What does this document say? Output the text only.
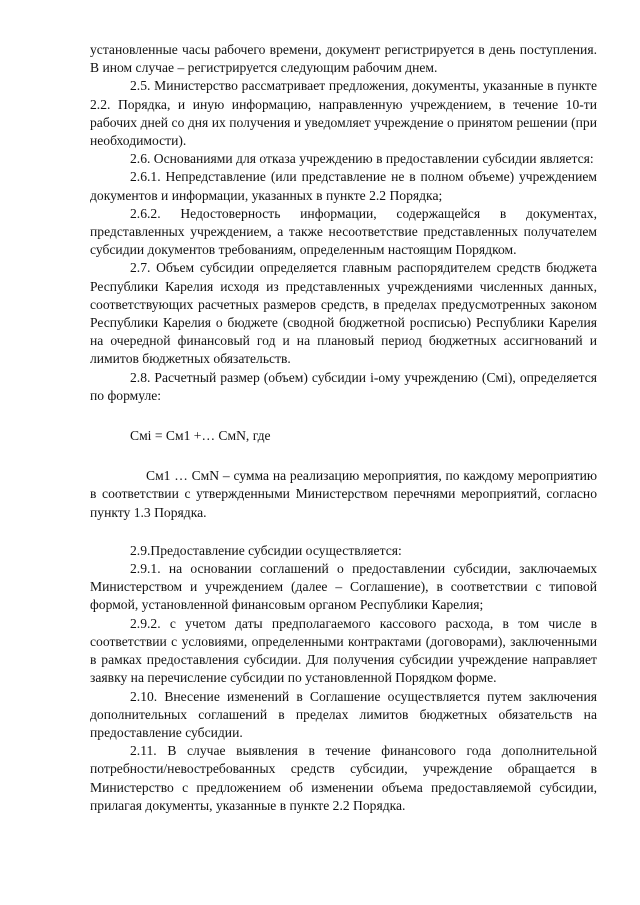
установленные часы рабочего времени, документ регистрируется в день поступления. В ином случае – регистрируется следующим рабочим днем.

2.5. Министерство рассматривает предложения, документы, указанные в пункте 2.2. Порядка, и иную информацию, направленную учреждением, в течение 10-ти рабочих дней со дня их получения и уведомляет учреждение о принятом решении (при необходимости).

2.6. Основаниями для отказа учреждению в предоставлении субсидии является:

2.6.1. Непредставление (или представление не в полном объеме) учреждением документов и информации, указанных в пункте 2.2 Порядка;

2.6.2. Недостоверность информации, содержащейся в документах, представленных учреждением, а также несоответствие представленных получателем субсидии документов требованиям, определенным настоящим Порядком.

2.7. Объем субсидии определяется главным распорядителем средств бюджета Республики Карелия исходя из представленных учреждениями численных данных, соответствующих расчетных размеров средств, в пределах предусмотренных законом Республики Карелия о бюджете (сводной бюджетной росписью) Республики Карелия на очередной финансовый год и на плановый период бюджетных ассигнований и лимитов бюджетных обязательств.

2.8. Расчетный размер (объем) субсидии i-ому учреждению (Смi), определяется по формуле:

Смi = См1 +… СмN, где

См1 … СмN – сумма на реализацию мероприятия, по каждому мероприятию в соответствии с утвержденными Министерством перечнями мероприятий, согласно пункту 1.3 Порядка.

2.9.Предоставление субсидии осуществляется:

2.9.1. на основании соглашений о предоставлении субсидии, заключаемых Министерством и учреждением (далее – Соглашение), в соответствии с типовой формой, установленной финансовым органом Республики Карелия;

2.9.2. с учетом даты предполагаемого кассового расхода, в том числе в соответствии с условиями, определенными контрактами (договорами), заключенными в рамках предоставления субсидии. Для получения субсидии учреждение направляет заявку на перечисление субсидии по установленной Порядком форме.

2.10. Внесение изменений в Соглашение осуществляется путем заключения дополнительных соглашений в пределах лимитов бюджетных обязательств на предоставление субсидии.

2.11. В случае выявления в течение финансового года дополнительной потребности/невостребованных средств субсидии, учреждение обращается в Министерство с предложением об изменении объема предоставляемой субсидии, прилагая документы, указанные в пункте 2.2 Порядка.
